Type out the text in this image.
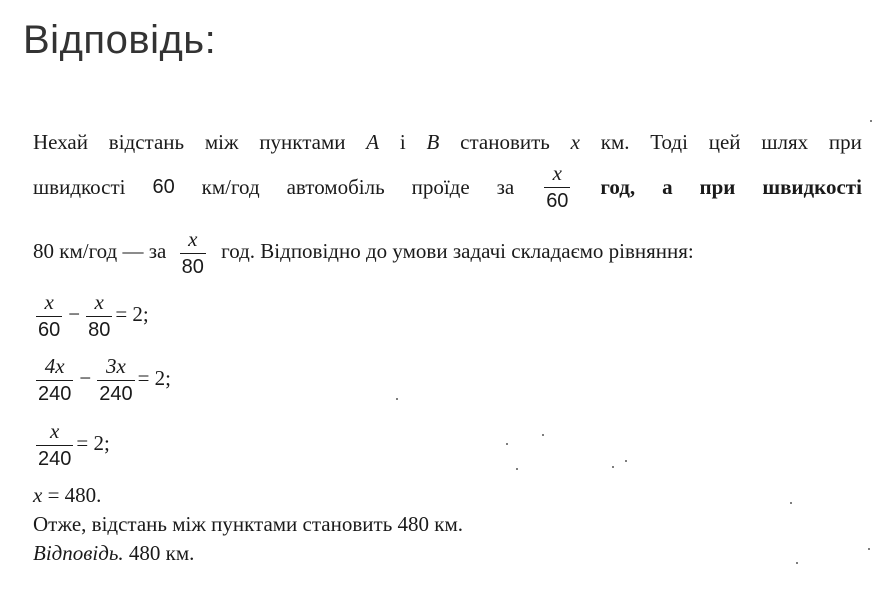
Відповідь:
Нехай відстань між пунктами A і B становить x км. Тоді цей шлях при
швидкості 60 км/год автомобіль проїде за $\frac{x}{60}$ год, а при швидкості
80 км/год — за $\frac{x}{80}$ год. Відповідно до умови задачі складаємо рівняння:
$\frac{x}{60} - \frac{x}{80} = 2$;
$\frac{4x}{240} - \frac{3x}{240} = 2$;
$\frac{x}{240} = 2$;
x = 480.
Отже, відстань між пунктами становить 480 км.
Відповідь. 480 км.
